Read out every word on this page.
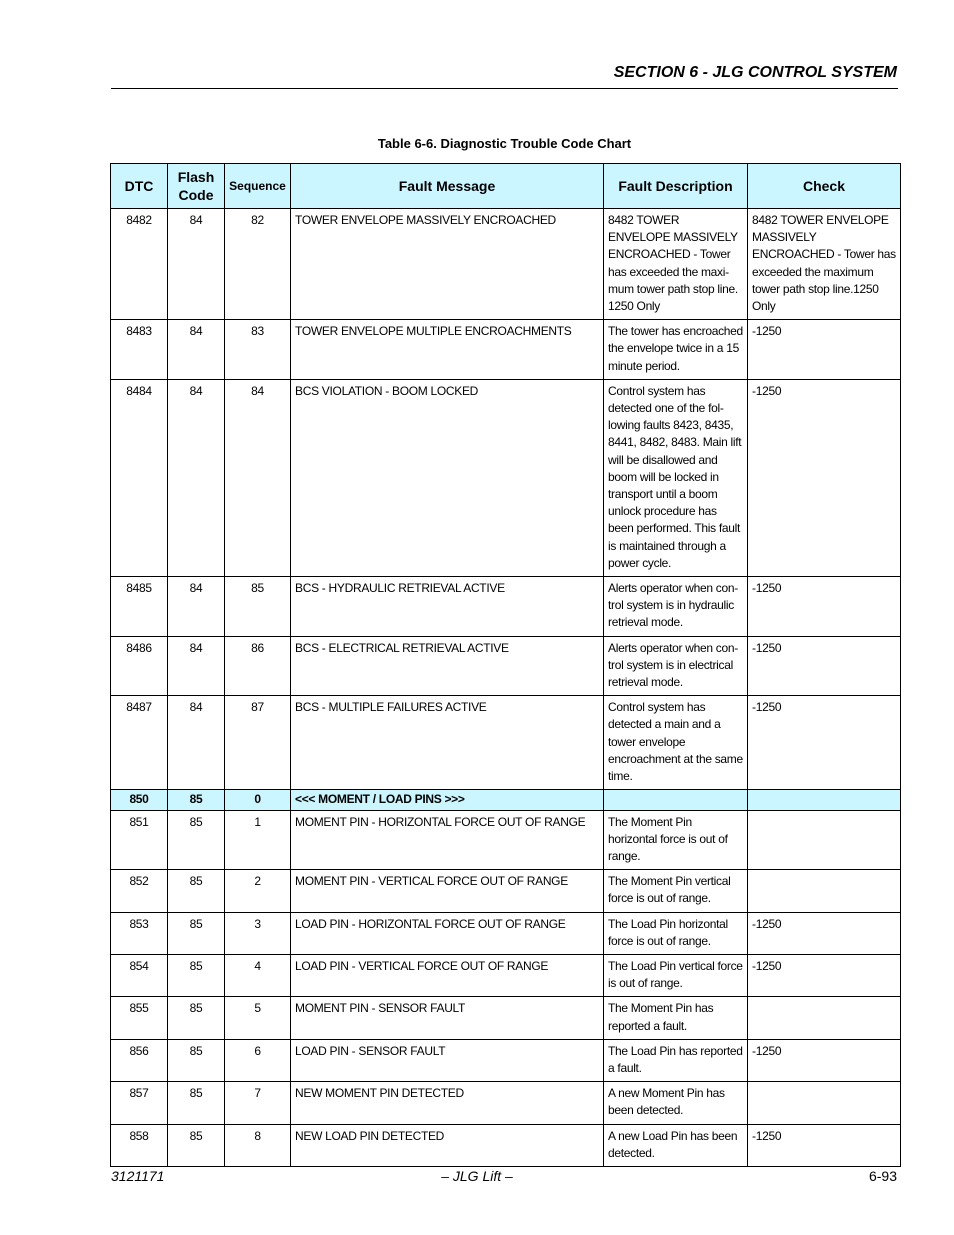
SECTION 6 - JLG CONTROL SYSTEM
Table 6-6. Diagnostic Trouble Code Chart
DTC	Flash Code	Sequence	Fault Message	Fault Description	Check
8482	84	82	TOWER ENVELOPE MASSIVELY ENCROACHED	8482 TOWER ENVELOPE MASSIVELY ENCROACHED - Tower has exceeded the maxi-mum tower path stop line. 1250 Only	8482 TOWER ENVELOPE MASSIVELY ENCROACHED - Tower has exceeded the maximum tower path stop line.1250 Only
8483	84	83	TOWER ENVELOPE MULTIPLE ENCROACHMENTS	The tower has encroached the envelope twice in a 15 minute period.	-1250
8484	84	84	BCS VIOLATION - BOOM LOCKED	Control system has detected one of the fol-lowing faults 8423, 8435, 8441, 8482, 8483. Main lift will be disallowed and boom will be locked in transport until a boom unlock procedure has been performed. This fault is maintained through a power cycle.	-1250
8485	84	85	BCS - HYDRAULIC RETRIEVAL ACTIVE	Alerts operator when con-trol system is in hydraulic retrieval mode.	-1250
8486	84	86	BCS - ELECTRICAL RETRIEVAL ACTIVE	Alerts operator when con-trol system is in electrical retrieval mode.	-1250
8487	84	87	BCS - MULTIPLE FAILURES ACTIVE	Control system has detected a main and a tower envelope encroachment at the same time.	-1250
850	85	0	<<< MOMENT / LOAD PINS >>>		
851	85	1	MOMENT PIN - HORIZONTAL FORCE OUT OF RANGE	The Moment Pin horizontal force is out of range.	
852	85	2	MOMENT PIN - VERTICAL FORCE OUT OF RANGE	The Moment Pin vertical force is out of range.	
853	85	3	LOAD PIN - HORIZONTAL FORCE OUT OF RANGE	The Load Pin horizontal force is out of range.	-1250
854	85	4	LOAD PIN - VERTICAL FORCE OUT OF RANGE	The Load Pin vertical force is out of range.	-1250
855	85	5	MOMENT PIN - SENSOR FAULT	The Moment Pin has reported a fault.	
856	85	6	LOAD PIN - SENSOR FAULT	The Load Pin has reported a fault.	-1250
857	85	7	NEW MOMENT PIN DETECTED	A new Moment Pin has been detected.	
858	85	8	NEW LOAD PIN DETECTED	A new Load Pin has been detected.	-1250
3121171	– JLG Lift –	6-93
